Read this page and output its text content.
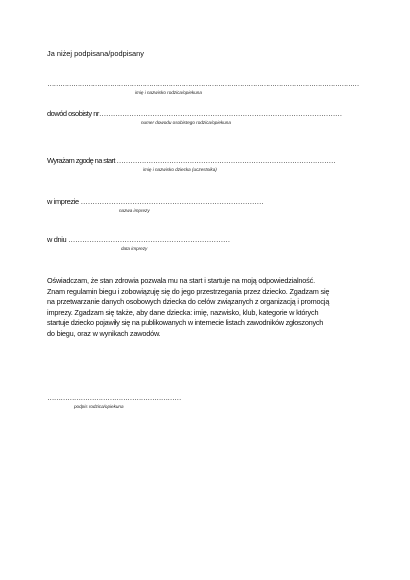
Ja niżej podpisana/podpisany
………………………………………………………………………………………………………………………………
imię i nazwisko rodzica/opiekuna
dowód osobisty nr……………………………………………………………………………………………
numer dowodu osobistego rodzica/opiekuna
Wyrażam zgodę na start ……………………………………………………………………………………
imię i nazwisko dziecka (uczestnika)
w imprezie ……………………………………………………………………
nazwa imprezy
w dniu ……………………………………………………………
data imprezy
Oświadczam, że stan zdrowia pozwala mu na start i startuje na moją odpowiedzialność.
Znam regulamin biegu i zobowiązuję się do jego przestrzegania przez dziecko. Zgadzam się
na przetwarzanie danych osobowych dziecka do celów związanych z organizacją i promocją
imprezy. Zgadzam się także, aby dane dziecka: imię, nazwisko, klub, kategorie w których
startuje dziecko pojawiły się na publikowanych w internecie listach zawodników zgłoszonych
do biegu, oraz w wynikach zawodów.
……………………………………………………
podpis rodzica/opiekuna
